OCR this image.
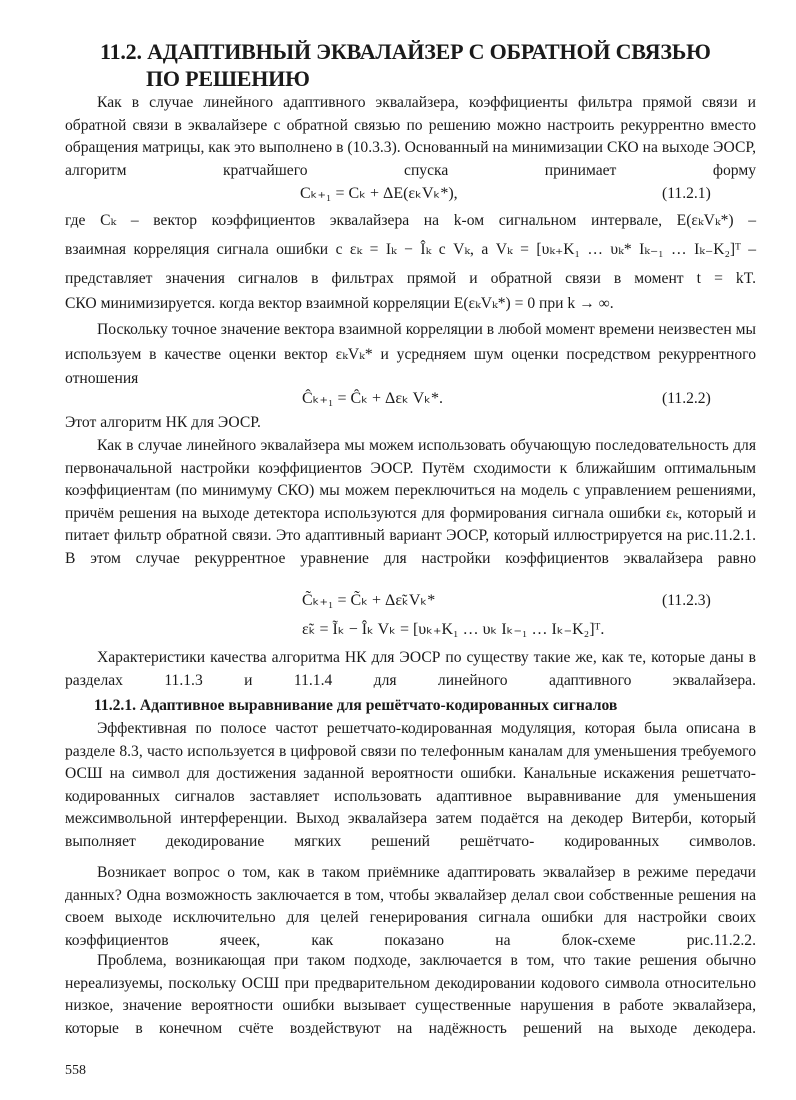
11.2. АДАПТИВНЫЙ ЭКВАЛАЙЗЕР С ОБРАТНОЙ СВЯЗЬЮ
ПО РЕШЕНИЮ
Как в случае линейного адаптивного эквалайзера, коэффициенты фильтра прямой связи и обратной связи в эквалайзере с обратной связью по решению можно настроить рекуррентно вместо обращения матрицы, как это выполнено в (10.3.3). Основанный на минимизации СКО на выходе ЭОСР, алгоритм кратчайшего спуска принимает форму
Cₖ₊₁ = Cₖ + ΔE(εₖVₖ*),	(11.2.1)
где Cₖ – вектор коэффициентов эквалайзера на k-ом сигнальном интервале, E(εₖVₖ*) –
взаимная корреляция сигнала ошибки с εₖ = Iₖ − Îₖ с Vₖ, а Vₖ = [υₖ₊K₁ … υₖ* Iₖ₋₁ … Iₖ₋K₂]ᵀ –
представляет значения сигналов в фильтрах прямой и обратной связи в момент t = kT.
СКО минимизируется. когда вектор взаимной корреляции E(εₖVₖ*) = 0 при k → ∞.
Поскольку точное значение вектора взаимной корреляции в любой момент времени неизвестен мы используем в качестве оценки вектор εₖVₖ* и усредняем шум оценки посредством рекуррентного отношения
Ĉₖ₊₁ = Ĉₖ + Δεₖ Vₖ*.	(11.2.2)
Этот алгоритм НК для ЭОСР.
Как в случае линейного эквалайзера мы можем использовать обучающую последовательность для первоначальной настройки коэффициентов ЭОСР. Путём сходимости к ближайшим оптимальным коэффициентам (по минимуму СКО) мы можем переключиться на модель с управлением решениями, причём решения на выходе детектора используются для формирования сигнала ошибки εₖ, который и питает фильтр обратной связи. Это адаптивный вариант ЭОСР, который иллюстрируется на рис.11.2.1. В этом случае рекуррентное уравнение для настройки коэффициентов эквалайзера равно
C̃ₖ₊₁ = C̃ₖ + Δε̃ₖVₖ*	(11.2.3)
ε̃ₖ = Ĩₖ − Îₖ Vₖ = [υₖ₊K₁ … υₖ Iₖ₋₁ … Iₖ₋K₂]ᵀ.
Характеристики качества алгоритма НК для ЭОСР по существу такие же, как те, которые даны в разделах 11.1.3 и 11.1.4 для линейного адаптивного эквалайзера.
11.2.1. Адаптивное выравнивание для решётчато-кодированных сигналов
Эффективная по полосе частот решетчато-кодированная модуляция, которая была описана в разделе 8.3, часто используется в цифровой связи по телефонным каналам для уменьшения требуемого ОСШ на символ для достижения заданной вероятности ошибки. Канальные искажения решетчато-кодированных сигналов заставляет использовать адаптивное выравнивание для уменьшения межсимвольной интерференции. Выход эквалайзера затем подаётся на декодер Витерби, который выполняет декодирование мягких решений решётчато- кодированных символов.
Возникает вопрос о том, как в таком приёмнике адаптировать эквалайзер в режиме передачи данных? Одна возможность заключается в том, чтобы эквалайзер делал свои собственные решения на своем выходе исключительно для целей генерирования сигнала ошибки для настройки своих коэффициентов ячеек, как показано на блок-схеме рис.11.2.2.
Проблема, возникающая при таком подходе, заключается в том, что такие решения обычно нереализуемы, поскольку ОСШ при предварительном декодировании кодового символа относительно низкое, значение вероятности ошибки вызывает существенные нарушения в работе эквалайзера, которые в конечном счёте воздействуют на надёжность решений на выходе декодера.
558
